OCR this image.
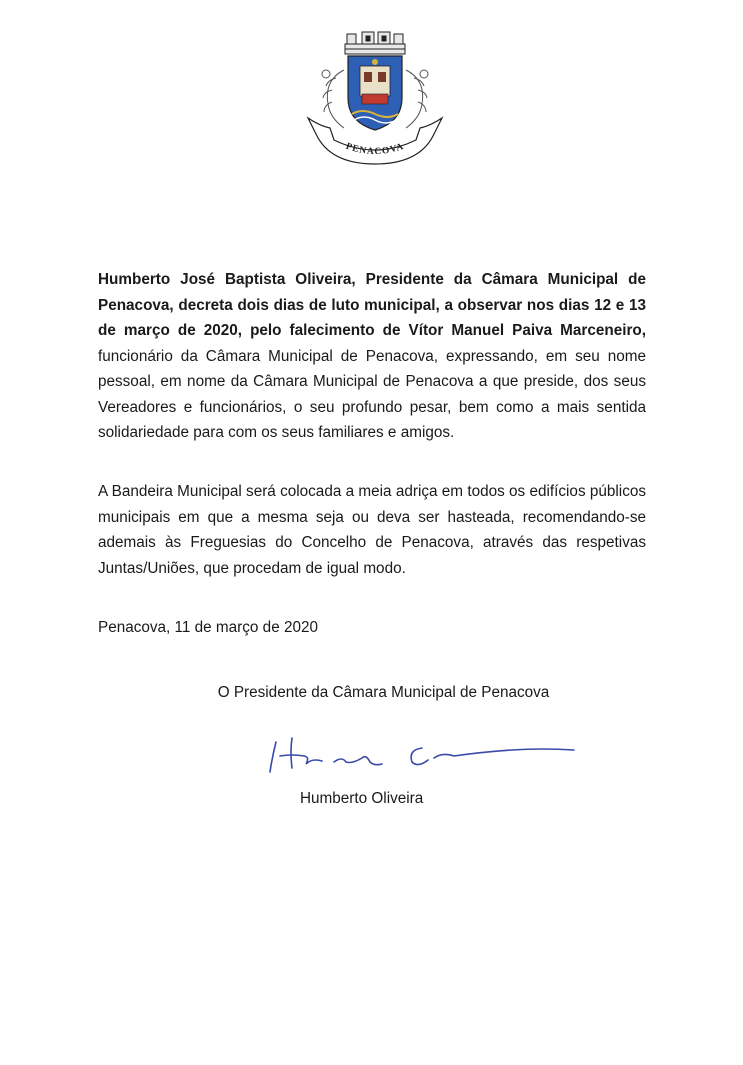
PENACOVA

Humberto José Baptista Oliveira, Presidente da Câmara Municipal de Penacova, decreta dois dias de luto municipal, a observar nos dias 12 e 13 de março de 2020, pelo falecimento de Vítor Manuel Paiva Marceneiro, funcionário da Câmara Municipal de Penacova, expressando, em seu nome pessoal, em nome da Câmara Municipal de Penacova a que preside, dos seus Vereadores e funcionários, o seu profundo pesar, bem como a mais sentida solidariedade para com os seus familiares e amigos.

A Bandeira Municipal será colocada a meia adriça em todos os edifícios públicos municipais em que a mesma seja ou deva ser hasteada, recomendando-se ademais às Freguesias do Concelho de Penacova, através das respetivas Juntas/Uniões, que procedam de igual modo.

Penacova, 11 de março de 2020

O Presidente da Câmara Municipal de Penacova

Humberto Oliveira
